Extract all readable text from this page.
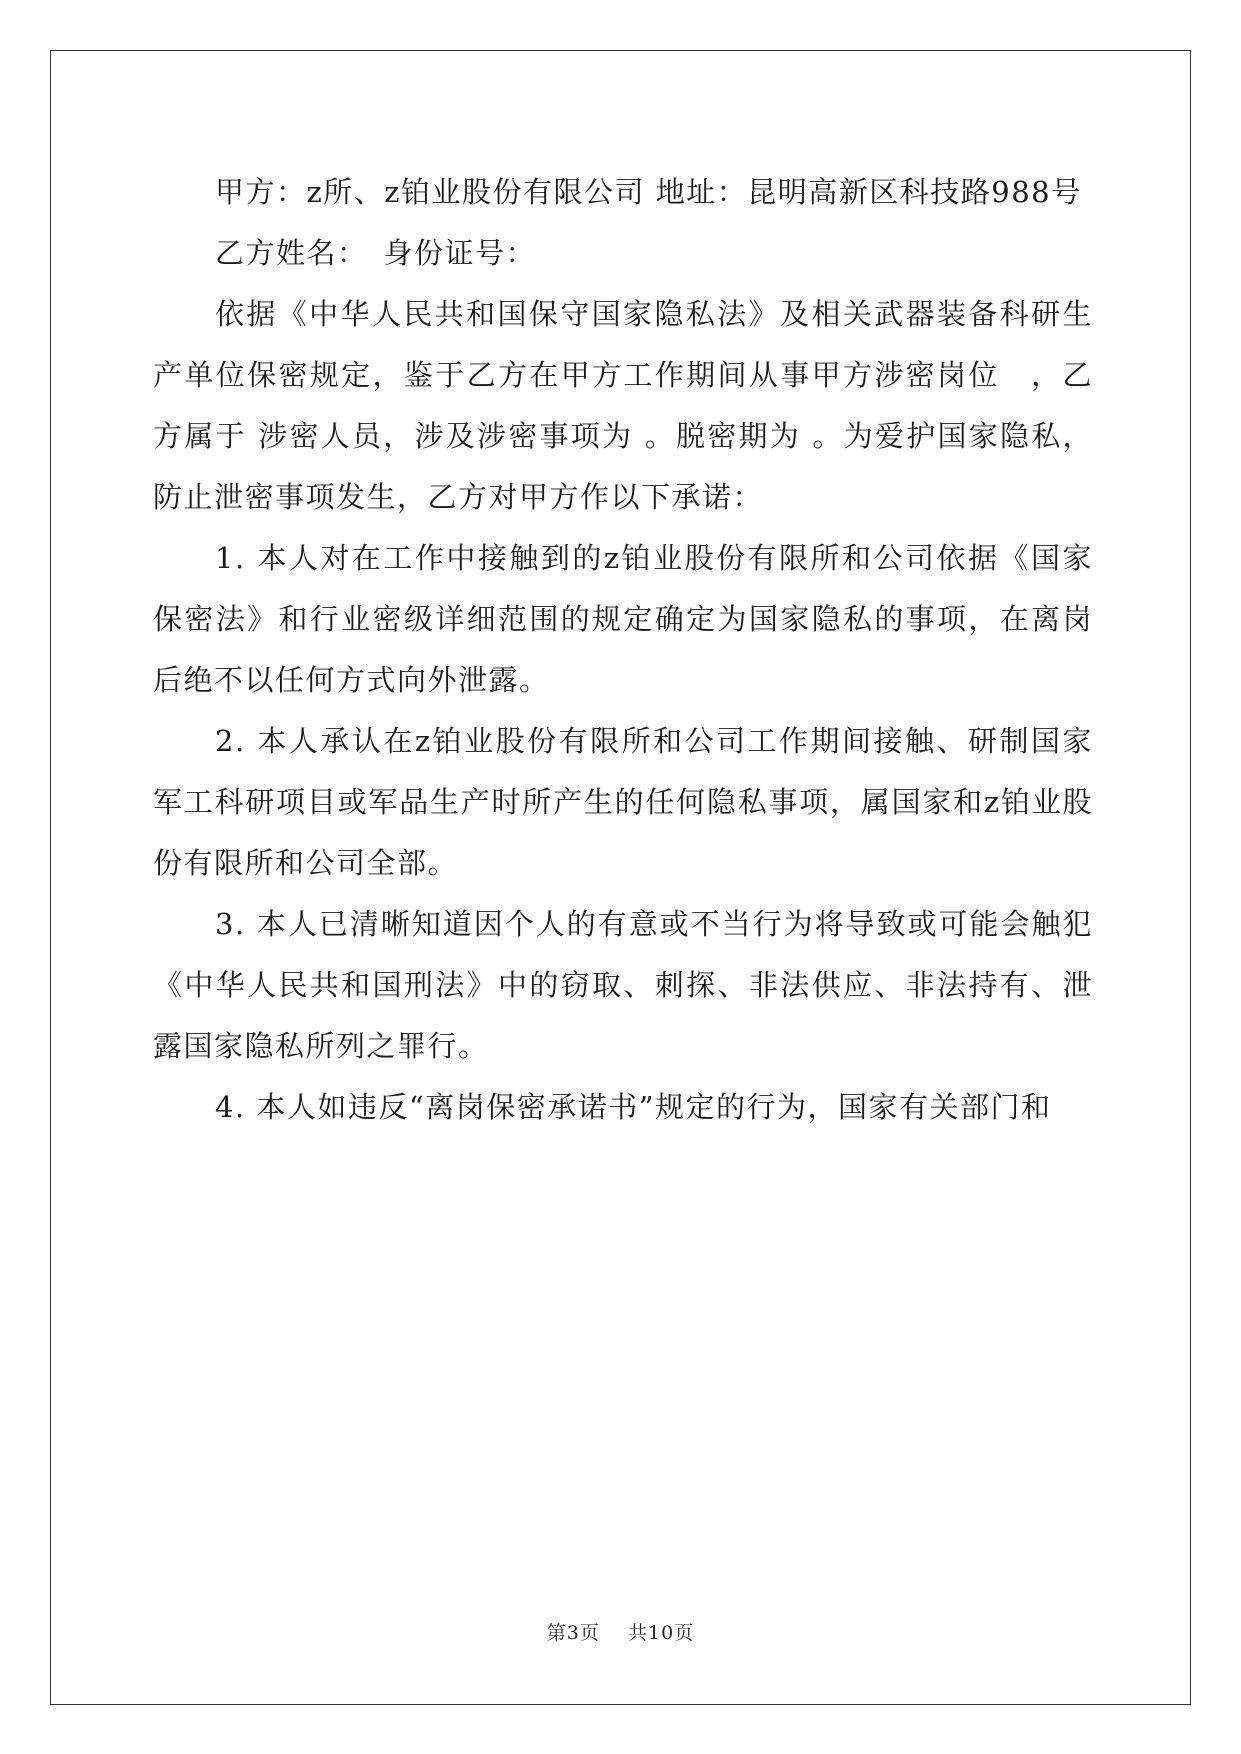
甲方：z所、z铂业股份有限公司 地址：昆明高新区科技路988号

乙方姓名：　身份证号：

依据《中华人民共和国保守国家隐私法》及相关武器装备科研生产单位保密规定，鉴于乙方在甲方工作期间从事甲方涉密岗位　，乙方属于 涉密人员，涉及涉密事项为 。脱密期为 。为爱护国家隐私，防止泄密事项发生，乙方对甲方作以下承诺：

1. 本人对在工作中接触到的z铂业股份有限所和公司依据《国家保密法》和行业密级详细范围的规定确定为国家隐私的事项，在离岗后绝不以任何方式向外泄露。

2. 本人承认在z铂业股份有限所和公司工作期间接触、研制国家军工科研项目或军品生产时所产生的任何隐私事项，属国家和z铂业股份有限所和公司全部。

3. 本人已清晰知道因个人的有意或不当行为将导致或可能会触犯《中华人民共和国刑法》中的窃取、刺探、非法供应、非法持有、泄露国家隐私所列之罪行。

4. 本人如违反“离岗保密承诺书”规定的行为，国家有关部门和

第3页 共10页
